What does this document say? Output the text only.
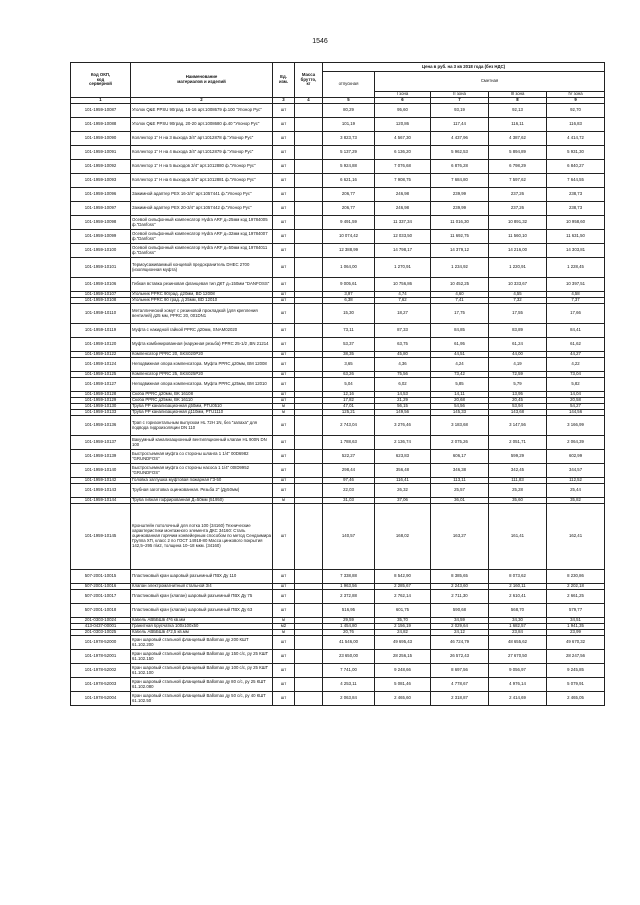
1546
Код ОКП,
код
серверной	Наименование
материалов и изделий	Ед.
изм.	Масса
брутто,
кг	Цена в руб. на 3 кв 2018 года (без НДС)				
				отпускная	Сметная			
					I зона	II зона	III зона	IV зона
1	2	3	4	5	6	7	8	9
101-1959-10087	Уголок Q&E PPSU 90град. 16-16 арт.1008679 ф.100 "Упонор Рус"	шт		80,29	95,60	93,19	92,13	92,70
101-1959-10088	Уголок Q&E PPSU 90град. 20-20 арт.1008680 ф.40 "Упонор Рус"	шт		101,19	120,86	117,44	116,11	116,83
101-1959-10090	Коллектор 1" Н на 3 выхода 3/4" арт.1012878 ф."Упонор Рус"	шт		3 823,73	4 567,30	4 437,96	4 387,62	4 414,72
101-1959-10091	Коллектор 1" Н на 4 выхода 3/4" арт.1012879 ф."Упонор Рус"	шт		5 137,29	6 136,20	5 962,53	5 894,89	5 931,30
101-1959-10092	Коллектор 1" Н на 5 выходов 3/4" арт.1012880 ф."Упонор Рус"	шт		5 924,88	7 076,68	6 876,28	6 798,29	6 840,27
101-1959-10093	Коллектор 1" Н на 6 выходов 3/4" арт.1012881 ф."Упонор Рус"	шт		6 621,16	7 908,75	7 684,80	7 597,62	7 644,55
101-1959-10096	Зажимной адаптер PEX 16-3/4" арт.1057441 ф."Упонор Рус"	шт		206,77	246,98	239,99	237,26	238,73
101-1959-10097	Зажимной адаптер PEX 20-3/4" арт.1057442 ф."Упонор Рус"	шт		206,77	246,98	239,99	237,26	238,73
101-1959-10098	Осевой сильфонный компенсатор Hydra ARF д=25мм код 19784005 ф."Danfoss"	шт		9 491,59	11 337,34	11 016,30	10 891,32	10 958,60
101-1959-10099	Осевой сильфонный компенсатор Hydra ARF д=32мм код 19784007 ф."Danfoss"	шт		10 074,42	12 033,50	11 692,75	11 560,10	11 631,50
101-1959-10100	Осевой сильфонный компенсатор Hydra ARF д=50мм код 19784011 ф."Danfoss"	шт		12 388,99	14 798,17	14 379,12	14 216,00	14 303,81
101-1959-10101	Термоусаживаемый концевой предохранитель DHEC 2700 (изоляционная муфта)	шт		1 064,00	1 270,91	1 234,92	1 220,91	1 228,45
101-1959-10106	Гибкая вставка резиновая фланцевая тип ДКТ д=150мм "DANFOSS"	шт		9 005,61	10 756,86	10 452,25	10 333,67	10 397,51
101-1959-10107	Угольник PPRC 90град. д20мм, BD 12008	шт		3,97	4,74	4,60	4,55	4,58
101-1959-10108	Угольник PPRC 90 град. д 25мм, BD 12010	шт		6,38	7,62	7,41	7,32	7,37
101-1959-10110	Металлический хомут с резиновой прокладкой (для крепления вентилей) д25 мм, PPRC 20, 001DN1	шт		15,30	18,27	17,75	17,55	17,66
101-1959-10119	Муфта с накидной гайкой PPRC д20мм, SNAM02020	шт		73,11	87,33	84,85	83,89	84,41
101-1959-10120	Муфта комбинированная (наружная резьба) PPRC 25-1/2 ,BN 21214	шт		53,37	63,75	61,95	61,24	61,62
101-1959-10122	Компенсатор PPRC 20, SKS020P20	шт		38,35	45,80	44,51	44,00	44,27
101-1959-10124	Неподвижная опора компенсатора. Муфта PPRC д20мм, BM 12008	шт		3,65	4,36	4,24	4,19	4,22
101-1959-10125	Компенсатор PPRC 25, SKS025P20	шт		63,26	75,56	73,42	72,59	73,04
101-1959-10127	Неподвижная опора компенсатора. Муфта PPRC д25мм, BM 12010	шт		5,04	6,02	5,85	5,79	5,82
101-1959-10128	Скоба PPRC д20мм, BK 16108	шт		12,16	14,53	14,11	13,95	14,04
101-1959-10129	Скоба PPRC д25мм, BK 16110	шт		17,82	21,29	20,68	20,45	20,58
101-1959-10130	Труба PP канализационная д50мм, PTU0510	м		47,01	56,15	54,56	53,94	54,27
101-1959-10133	Труба PP канализационная д110мм, PTU1110	м		125,21	149,56	145,33	143,68	144,56
101-1959-10136	Трап с горизонтальным выпуском HL 72H 1N, без "запаха" для подвода гидроизоляции DN 110	шт		2 743,04	3 276,46	3 183,68	3 147,56	3 166,99
101-1959-10137	Вакуумный канализационный вентиляционный клапан HL 900N DN 100	шт		1 788,63	2 136,74	2 075,26	2 051,71	2 064,39
101-1959-10139	Быстросъемная муфта со стороны шланга 1 1/4" 00D6982 "GRUNDFOS"	шт		522,27	623,83	606,17	599,29	602,99
101-1959-10140	Быстросъемная муфта со стороны насоса 1 1/4" 00ID9952 "GRUNDFOS"	шт		298,44	356,48	346,38	342,45	344,57
101-1959-10142	Головка заглушка муфтовая пожарная ГЗ-50	шт		97,46	116,41	113,11	111,83	112,52
101-1959-10143	Трубная заготовка оцинкованная. Резьба 2" (Ду50мм)	шт		22,03	26,32	25,57	25,28	25,44
101-1959-10144	Труба гибкая гофрированная Д=50мм (51950)	м		31,03	37,06	36,01	35,60	35,82
101-1959-10145	Кронштейн потолочный для лотка 100 (34160) Технические характеристики монтажного элемента ДКС 34160: Сталь оцинкованная горячим конвейерным способом по метод Сендзимира Группа ХП, класс 2 по ГОСТ 14918-80 Масса цинкового покрытия 142,5–295 г/м2, толщина 10–18 мкм. (34160)	шт		140,57	168,02	163,27	161,41	162,41
507-2001-10015	Пластиковый кран шаровый разъемный ПВХ Ду 110	шт		7 338,88	8 542,90	8 385,65	8 073,62	8 230,86
507-2001-10016	Клапан электромагнитный стальной 3/4	шт		1 963,56	2 285,67	2 243,60	2 160,11	2 202,18
507-2001-10017	Пластиковый кран (клапан) шаровый разъемный ПВХ Ду 75	шт		2 372,88	2 762,14	2 711,30	2 610,41	2 661,25
507-2001-10018	Пластиковый кран (клапан) шаровый разъемный ПВХ Ду 63	шт		516,95	601,75	590,68	568,70	579,77
201-0303-10024	Кабель АВББШв 4*6 кв.мм	м		29,59	35,70	34,59	34,30	34,51
413-0437-00001	Гранитная брусчатка 100х100х50	м2		1 454,80	2 156,19	2 029,64	1 682,57	1 941,35
201-0303-10025	Кабель АВББШв 4*2,5 кв.мм	м		20,76	24,82	24,12	23,84	23,99
101-1978-52000	Кран шаровый стальной фланцевый Ballomax ду 200 КШТ 61.102.200	шт		41 546,00	49 695,43	46 724,79	48 655,62	49 670,32
101-1978-52001	Кран шаровый стальной фланцевый Ballomax ду 150 с/с, ру 25 КШТ 61.102.150	шт		23 650,00	28 256,15	26 572,43	27 670,50	28 247,56
101-1978-52002	Кран шаровый стальной фланцевый Ballomax ду 100 с/с, ру 25 КШТ 61.102.100	шт		7 741,00	9 248,66	8 697,56	9 056,97	9 245,85
101-1978-52003	Кран шаровый стальной фланцевый Ballomax ду 80 с/с, ру 25 КШТ 61.102.080	шт		4 253,11	5 081,46	4 778,67	4 976,14	5 079,91
101-1978-52004	Кран шаровый стальной фланцевый Ballomax ду 50 с/с, ру 40 КШТ 61.102.50	шт		2 063,84	2 465,60	2 318,87	2 414,69	2 465,05
